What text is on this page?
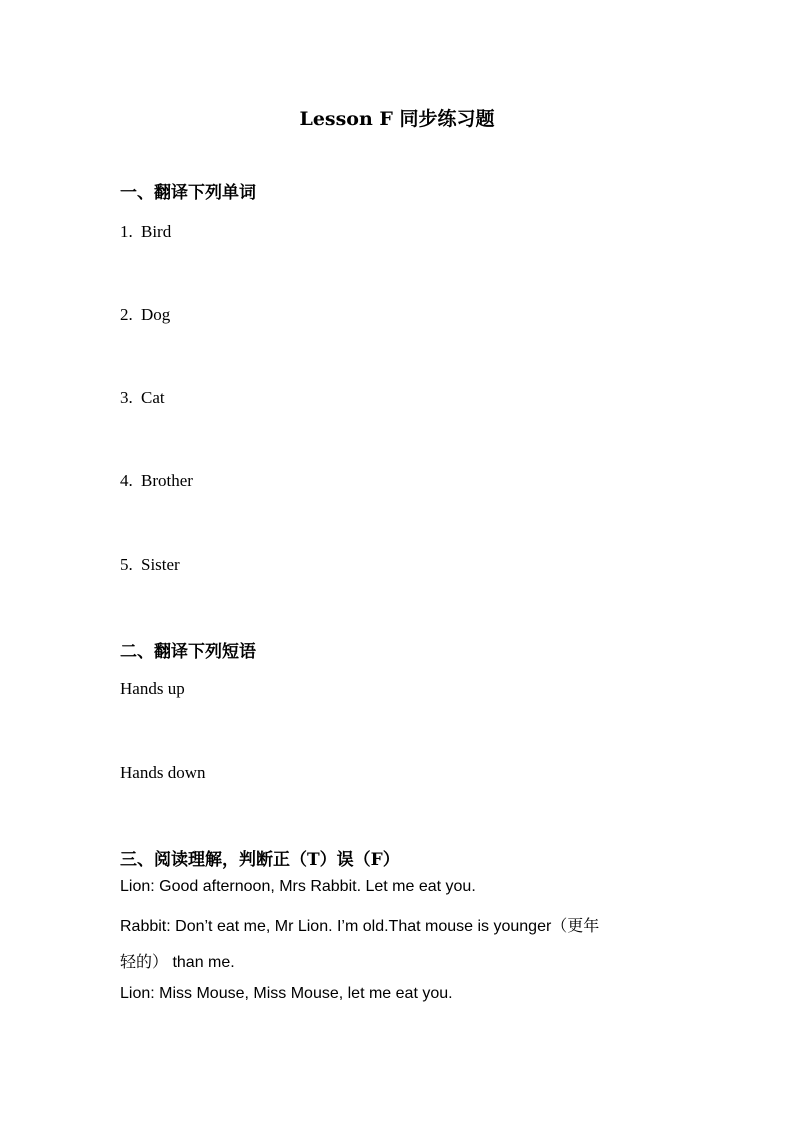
Lesson F 同步练习题
一、翻译下列单词
1. Bird
2. Dog
3. Cat
4. Brother
5. Sister
二、翻译下列短语
Hands up
Hands down
三、阅读理解，判断正（T）误（F）
Lion: Good afternoon, Mrs Rabbit. Let me eat you.
Rabbit: Don’t eat me, Mr Lion. I’m old.That mouse is younger（更年
轻的） than me.
Lion: Miss Mouse, Miss Mouse, let me eat you.
